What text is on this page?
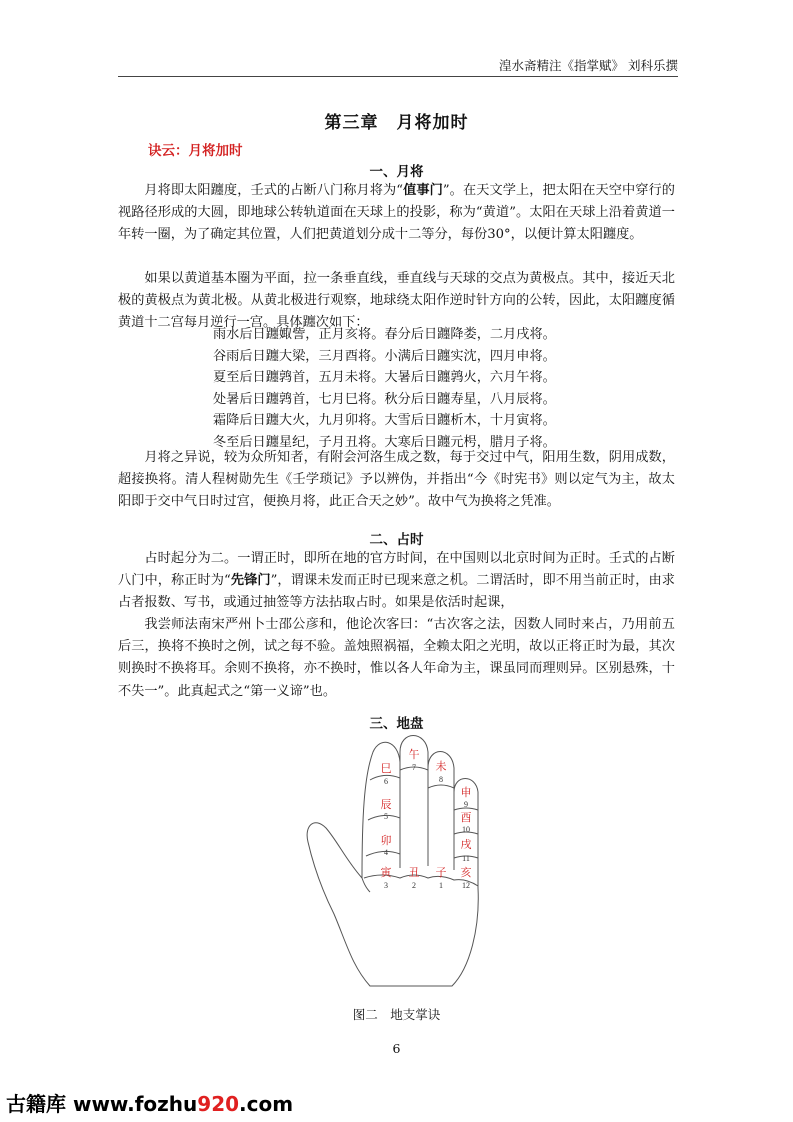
湟水斋精注《指掌赋》 刘科乐撰
第三章　月将加时
诀云：月将加时
一、月将

月将即太阳躔度，壬式的占断八门称月将为“值事门”。在天文学上，把太阳在天空中穿行的视路径形成的大圆，即地球公转轨道面在天球上的投影，称为“黄道”。太阳在天球上沿着黄道一年转一圈，为了确定其位置，人们把黄道划分成十二等分，每份30°，以便计算太阳躔度。

如果以黄道基本圈为平面，拉一条垂直线，垂直线与天球的交点为黄极点。其中，接近天北极的黄极点为黄北极。从黄北极进行观察，地球绕太阳作逆时针方向的公转，因此，太阳躔度循黄道十二宫每月逆行一宫。具体躔次如下：

雨水后日躔娵訾，正月亥将。春分后日躔降娄，二月戌将。
谷雨后日躔大梁，三月酉将。小满后日躔实沈，四月申将。
夏至后日躔鹑首，五月未将。大暑后日躔鹑火，六月午将。
处暑后日躔鹑首，七月巳将。秋分后日躔寿星，八月辰将。
霜降后日躔大火，九月卯将。大雪后日躔析木，十月寅将。
冬至后日躔星纪，子月丑将。大寒后日躔元枵，腊月子将。

月将之异说，较为众所知者，有附会河洛生成之数，每于交过中气，阳用生数，阴用成数，超接换将。清人程树勋先生《壬学琐记》予以辨伪，并指出“今《时宪书》则以定气为主，故太阳即于交中气日时过宫，便换月将，此正合天之妙”。故中气为换将之凭准。

二、占时

占时起分为二。一谓正时，即所在地的官方时间，在中国则以北京时间为正时。壬式的占断八门中，称正时为“先锋门”，谓课未发而正时已现来意之机。二谓活时，即不用当前正时，由求占者报数、写书，或通过抽签等方法拈取占时。如果是依活时起课，

我尝师法南宋严州卜士邵公彦和，他论次客曰：“古次客之法，因数人同时来占，乃用前五后三，换将不换时之例，试之每不验。盖烛照祸福，全赖太阳之光明，故以正将正时为最，其次则换时不换将耳。余则不换将，亦不换时，惟以各人年命为主，课虽同而理则异。区别悬殊，十不失一”。此真起式之“第一义谛”也。

三、地盘
巳
6
午
7 未
8
申
9
酉
10
戌
11
亥
12
子
1
丑
2
寅
3
卯
4
辰
5
图二　地支掌诀
6
古籍库 www.fozhu920.com
